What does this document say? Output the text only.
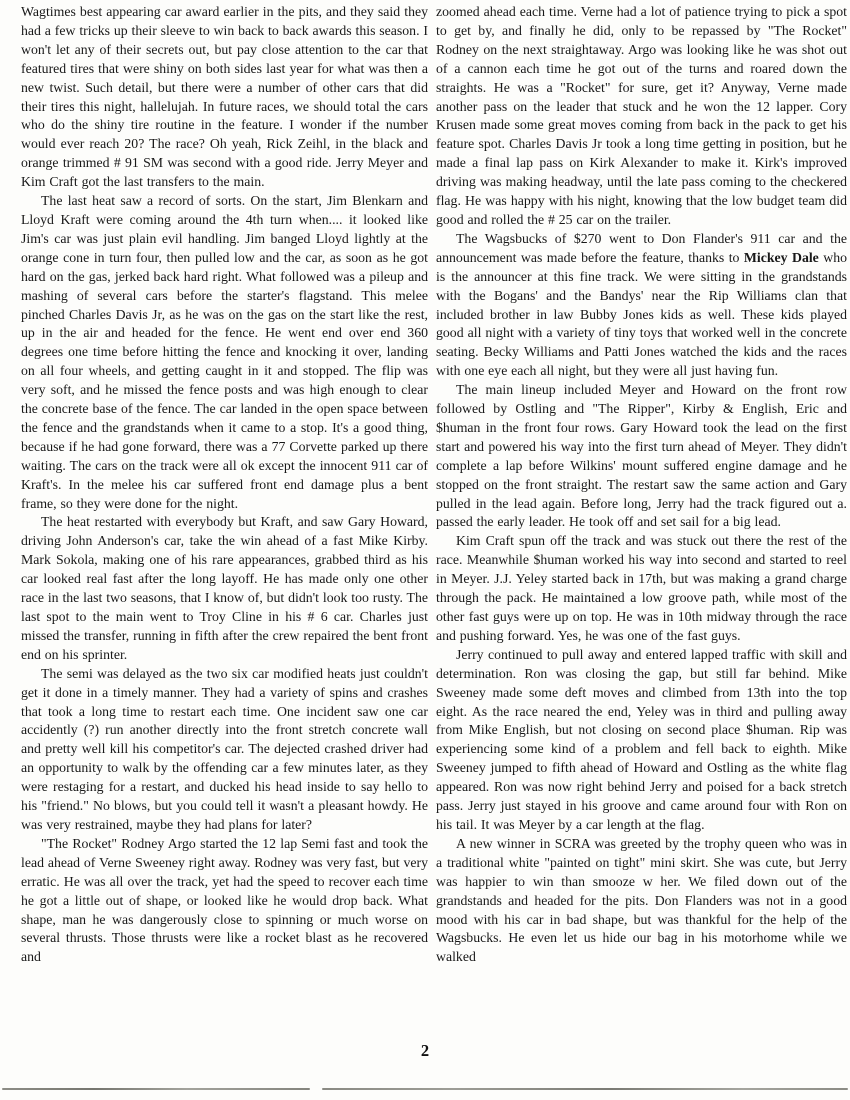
Wagtimes best appearing car award earlier in the pits, and they said they had a few tricks up their sleeve to win back to back awards this season. I won't let any of their secrets out, but pay close attention to the car that featured tires that were shiny on both sides last year for what was then a new twist. Such detail, but there were a number of other cars that did their tires this night, hallelujah. In future races, we should total the cars who do the shiny tire routine in the feature. I wonder if the number would ever reach 20? The race? Oh yeah, Rick Zeihl, in the black and orange trimmed # 91 SM was second with a good ride. Jerry Meyer and Kim Craft got the last transfers to the main.

The last heat saw a record of sorts. On the start, Jim Blenkarn and Lloyd Kraft were coming around the 4th turn when.... it looked like Jim's car was just plain evil handling. Jim banged Lloyd lightly at the orange cone in turn four, then pulled low and the car, as soon as he got hard on the gas, jerked back hard right. What followed was a pileup and mashing of several cars before the starter's flagstand. This melee pinched Charles Davis Jr, as he was on the gas on the start like the rest, up in the air and headed for the fence. He went end over end 360 degrees one time before hitting the fence and knocking it over, landing on all four wheels, and getting caught in it and stopped. The flip was very soft, and he missed the fence posts and was high enough to clear the concrete base of the fence. The car landed in the open space between the fence and the grandstands when it came to a stop. It's a good thing, because if he had gone forward, there was a 77 Corvette parked up there waiting. The cars on the track were all ok except the innocent 911 car of Kraft's. In the melee his car suffered front end damage plus a bent frame, so they were done for the night.

The heat restarted with everybody but Kraft, and saw Gary Howard, driving John Anderson's car, take the win ahead of a fast Mike Kirby. Mark Sokola, making one of his rare appearances, grabbed third as his car looked real fast after the long layoff. He has made only one other race in the last two seasons, that I know of, but didn't look too rusty. The last spot to the main went to Troy Cline in his # 6 car. Charles just missed the transfer, running in fifth after the crew repaired the bent front end on his sprinter.

The semi was delayed as the two six car modified heats just couldn't get it done in a timely manner. They had a variety of spins and crashes that took a long time to restart each time. One incident saw one car accidently (?) run another directly into the front stretch concrete wall and pretty well kill his competitor's car. The dejected crashed driver had an opportunity to walk by the offending car a few minutes later, as they were restaging for a restart, and ducked his head inside to say hello to his "friend." No blows, but you could tell it wasn't a pleasant howdy. He was very restrained, maybe they had plans for later?

"The Rocket" Rodney Argo started the 12 lap Semi fast and took the lead ahead of Verne Sweeney right away. Rodney was very fast, but very erratic. He was all over the track, yet had the speed to recover each time he got a little out of shape, or looked like he would drop back. What shape, man he was dangerously close to spinning or much worse on several thrusts. Those thrusts were like a rocket blast as he recovered and

zoomed ahead each time. Verne had a lot of patience trying to pick a spot to get by, and finally he did, only to be repassed by "The Rocket" Rodney on the next straightaway. Argo was looking like he was shot out of a cannon each time he got out of the turns and roared down the straights. He was a "Rocket" for sure, get it? Anyway, Verne made another pass on the leader that stuck and he won the 12 lapper. Cory Krusen made some great moves coming from back in the pack to get his feature spot. Charles Davis Jr took a long time getting in position, but he made a final lap pass on Kirk Alexander to make it. Kirk's improved driving was making headway, until the late pass coming to the checkered flag. He was happy with his night, knowing that the low budget team did good and rolled the # 25 car on the trailer.

The Wagsbucks of $270 went to Don Flander's 911 car and the announcement was made before the feature, thanks to Mickey Dale who is the announcer at this fine track. We were sitting in the grandstands with the Bogans' and the Bandys' near the Rip Williams clan that included brother in law Bubby Jones kids as well. These kids played good all night with a variety of tiny toys that worked well in the concrete seating. Becky Williams and Patti Jones watched the kids and the races with one eye each all night, but they were all just having fun.

The main lineup included Meyer and Howard on the front row followed by Ostling and "The Ripper", Kirby & English, Eric and $human in the front four rows. Gary Howard took the lead on the first start and powered his way into the first turn ahead of Meyer. They didn't complete a lap before Wilkins' mount suffered engine damage and he stopped on the front straight. The restart saw the same action and Gary pulled in the lead again. Before long, Jerry had the track figured out a. passed the early leader. He took off and set sail for a big lead.

Kim Craft spun off the track and was stuck out there the rest of the race. Meanwhile $human worked his way into second and started to reel in Meyer. J.J. Yeley started back in 17th, but was making a grand charge through the pack. He maintained a low groove path, while most of the other fast guys were up on top. He was in 10th midway through the race and pushing forward. Yes, he was one of the fast guys.

Jerry continued to pull away and entered lapped traffic with skill and determination. Ron was closing the gap, but still far behind. Mike Sweeney made some deft moves and climbed from 13th into the top eight. As the race neared the end, Yeley was in third and pulling away from Mike English, but not closing on second place $human. Rip was experiencing some kind of a problem and fell back to eighth. Mike Sweeney jumped to fifth ahead of Howard and Ostling as the white flag appeared. Ron was now right behind Jerry and poised for a back stretch pass. Jerry just stayed in his groove and came around four with Ron on his tail. It was Meyer by a car length at the flag.

A new winner in SCRA was greeted by the trophy queen who was in a traditional white "painted on tight" mini skirt. She was cute, but Jerry was happier to win than smooze w her. We filed down out of the grandstands and headed for the pits. Don Flanders was not in a good mood with his car in bad shape, but was thankful for the help of the Wagsbucks. He even let us hide our bag in his motorhome while we walked

2
